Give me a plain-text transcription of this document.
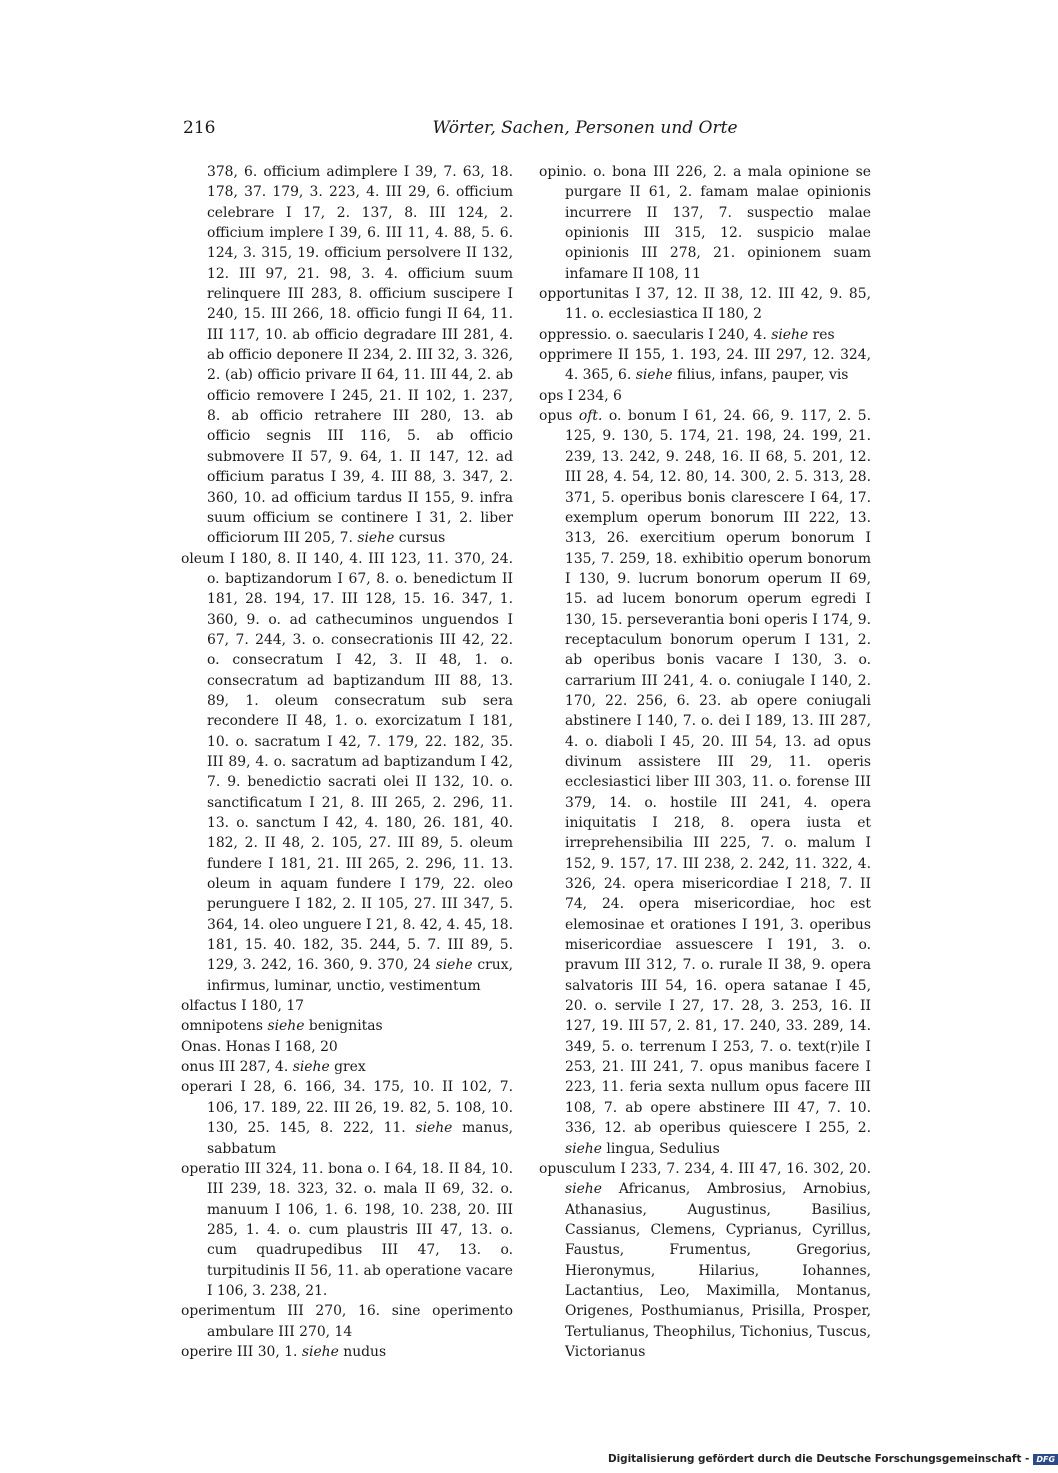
216	Wörter, Sachen, Personen und Orte

378, 6. officium adimplere I 39, 7. 63, 18. 178, 37. 179, 3. 223, 4. III 29, 6. officium celebrare I 17, 2. 137, 8. III 124, 2. officium implere I 39, 6. III 11, 4. 88, 5. 6. 124, 3. 315, 19. officium persolvere II 132, 12. III 97, 21. 98, 3. 4. officium suum relinquere III 283, 8. officium suscipere I 240, 15. III 266, 18. officio fungi II 64, 11. III 117, 10. ab officio degradare III 281, 4. ab officio deponere II 234, 2. III 32, 3. 326, 2. (ab) officio privare II 64, 11. III 44, 2. ab officio removere I 245, 21. II 102, 1. 237, 8. ab officio retrahere III 280, 13. ab officio segnis III 116, 5. ab officio submovere II 57, 9. 64, 1. II 147, 12. ad officium paratus I 39, 4. III 88, 3. 347, 2. 360, 10. ad officium tardus II 155, 9. infra suum officium se continere I 31, 2. liber officiorum III 205, 7. siehe cursus

oleum I 180, 8. II 140, 4. III 123, 11. 370, 24. o. baptizandorum I 67, 8. o. benedictum II 181, 28. 194, 17. III 128, 15. 16. 347, 1. 360, 9. o. ad cathecuminos unguendos I 67, 7. 244, 3. o. consecrationis III 42, 22. o. consecratum I 42, 3. II 48, 1. o. consecratum ad baptizandum III 88, 13. 89, 1. oleum consecratum sub sera recondere II 48, 1. o. exorcizatum I 181, 10. o. sacratum I 42, 7. 179, 22. 182, 35. III 89, 4. o. sacratum ad baptizandum I 42, 7. 9. benedictio sacrati olei II 132, 10. o. sanctificatum I 21, 8. III 265, 2. 296, 11. 13. o. sanctum I 42, 4. 180, 26. 181, 40. 182, 2. II 48, 2. 105, 27. III 89, 5. oleum fundere I 181, 21. III 265, 2. 296, 11. 13. oleum in aquam fundere I 179, 22. oleo perunguere I 182, 2. II 105, 27. III 347, 5. 364, 14. oleo unguere I 21, 8. 42, 4. 45, 18. 181, 15. 40. 182, 35. 244, 5. 7. III 89, 5. 129, 3. 242, 16. 360, 9. 370, 24 siehe crux, infirmus, luminar, unctio, vestimentum

olfactus I 180, 17

omnipotens siehe benignitas

Onas. Honas I 168, 20

onus III 287, 4. siehe grex

operari I 28, 6. 166, 34. 175, 10. II 102, 7. 106, 17. 189, 22. III 26, 19. 82, 5. 108, 10. 130, 25. 145, 8. 222, 11. siehe manus, sabbatum

operatio III 324, 11. bona o. I 64, 18. II 84, 10. III 239, 18. 323, 32. o. mala II 69, 32. o. manuum I 106, 1. 6. 198, 10. 238, 20. III 285, 1. 4. o. cum plaustris III 47, 13. o. cum quadrupedibus III 47, 13. o. turpitudinis II 56, 11. ab operatione vacare I 106, 3. 238, 21.

operimentum III 270, 16. sine operimento ambulare III 270, 14

operire III 30, 1. siehe nudus

opinio. o. bona III 226, 2. a mala opinione se purgare II 61, 2. famam malae opinionis incurrere II 137, 7. suspectio malae opinionis III 315, 12. suspicio malae opinionis III 278, 21. opinionem suam infamare II 108, 11

opportunitas I 37, 12. II 38, 12. III 42, 9. 85, 11. o. ecclesiastica II 180, 2

oppressio. o. saecularis I 240, 4. siehe res

opprimere II 155, 1. 193, 24. III 297, 12. 324, 4. 365, 6. siehe filius, infans, pauper, vis

ops I 234, 6

opus oft. o. bonum I 61, 24. 66, 9. 117, 2. 5. 125, 9. 130, 5. 174, 21. 198, 24. 199, 21. 239, 13. 242, 9. 248, 16. II 68, 5. 201, 12. III 28, 4. 54, 12. 80, 14. 300, 2. 5. 313, 28. 371, 5. operibus bonis clarescere I 64, 17. exemplum operum bonorum III 222, 13. 313, 26. exercitium operum bonorum I 135, 7. 259, 18. exhibitio operum bonorum I 130, 9. lucrum bonorum operum II 69, 15. ad lucem bonorum operum egredi I 130, 15. perseverantia boni operis I 174, 9. receptaculum bonorum operum I 131, 2. ab operibus bonis vacare I 130, 3. o. carrarium III 241, 4. o. coniugale I 140, 2. 170, 22. 256, 6. 23. ab opere coniugali abstinere I 140, 7. o. dei I 189, 13. III 287, 4. o. diaboli I 45, 20. III 54, 13. ad opus divinum assistere III 29, 11. operis ecclesiastici liber III 303, 11. o. forense III 379, 14. o. hostile III 241, 4. opera iniquitatis I 218, 8. opera iusta et irreprehensibilia III 225, 7. o. malum I 152, 9. 157, 17. III 238, 2. 242, 11. 322, 4. 326, 24. opera misericordiae I 218, 7. II 74, 24. opera misericordiae, hoc est elemosinae et orationes I 191, 3. operibus misericordiae assuescere I 191, 3. o. pravum III 312, 7. o. rurale II 38, 9. opera salvatoris III 54, 16. opera satanae I 45, 20. o. servile I 27, 17. 28, 3. 253, 16. II 127, 19. III 57, 2. 81, 17. 240, 33. 289, 14. 349, 5. o. terrenum I 253, 7. o. text(r)ile I 253, 21. III 241, 7. opus manibus facere I 223, 11. feria sexta nullum opus facere III 108, 7. ab opere abstinere III 47, 7. 10. 336, 12. ab operibus quiescere I 255, 2. siehe lingua, Sedulius

opusculum I 233, 7. 234, 4. III 47, 16. 302, 20. siehe Africanus, Ambrosius, Arnobius, Athanasius, Augustinus, Basilius, Cassianus, Clemens, Cyprianus, Cyrillus, Faustus, Frumentus, Gregorius, Hieronymus, Hilarius, Iohannes, Lactantius, Leo, Maximilla, Montanus, Origenes, Posthumianus, Prisilla, Prosper, Tertulianus, Theophilus, Tichonius, Tuscus, Victorianus

Digitalisierung gefördert durch die Deutsche Forschungsgemeinschaft - DFG
